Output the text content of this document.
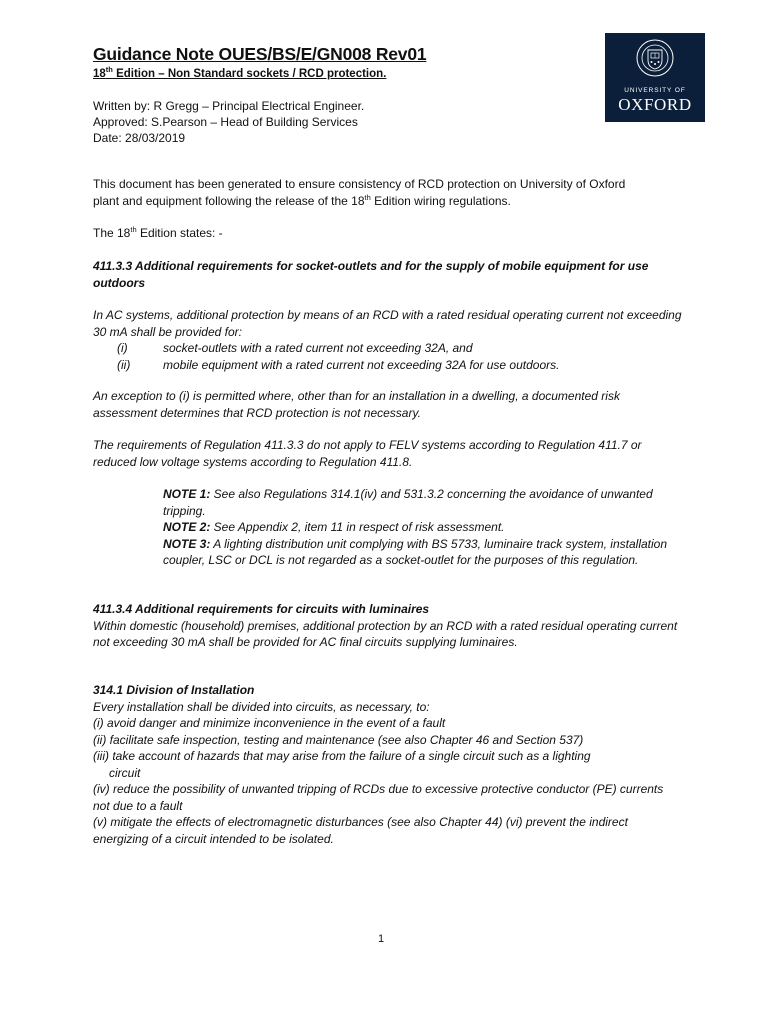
Guidance Note OUES/BS/E/GN008 Rev01
18th Edition – Non Standard sockets / RCD protection.
Written by: R Gregg – Principal Electrical Engineer.
Approved: S.Pearson – Head of Building Services
Date: 28/03/2019
UNIVERSITY OF
OXFORD
This document has been generated to ensure consistency of RCD protection on University of Oxford
plant and equipment following the release of the 18th Edition wiring regulations.
The 18th Edition states: -
411.3.3 Additional requirements for socket-outlets and for the supply of mobile equipment for use outdoors
In AC systems, additional protection by means of an RCD with a rated residual operating current not exceeding 30 mA shall be provided for:
(i)	socket-outlets with a rated current not exceeding 32A, and
(ii)	mobile equipment with a rated current not exceeding 32A for use outdoors.
An exception to (i) is permitted where, other than for an installation in a dwelling, a documented risk assessment determines that RCD protection is not necessary.
The requirements of Regulation 411.3.3 do not apply to FELV systems according to Regulation 411.7 or reduced low voltage systems according to Regulation 411.8.
NOTE 1: See also Regulations 314.1(iv) and 531.3.2 concerning the avoidance of unwanted tripping.
NOTE 2: See Appendix 2, item 11 in respect of risk assessment.
NOTE 3: A lighting distribution unit complying with BS 5733, luminaire track system, installation coupler, LSC or DCL is not regarded as a socket-outlet for the purposes of this regulation.
411.3.4 Additional requirements for circuits with luminaires
Within domestic (household) premises, additional protection by an RCD with a rated residual operating current not exceeding 30 mA shall be provided for AC final circuits supplying luminaires.
314.1 Division of Installation
Every installation shall be divided into circuits, as necessary, to:
(i) avoid danger and minimize inconvenience in the event of a fault
(ii) facilitate safe inspection, testing and maintenance (see also Chapter 46 and Section 537)
(iii) take account of hazards that may arise from the failure of a single circuit such as a lighting
circuit
(iv) reduce the possibility of unwanted tripping of RCDs due to excessive protective conductor (PE) currents not due to a fault
(v) mitigate the effects of electromagnetic disturbances (see also Chapter 44) (vi) prevent the indirect energizing of a circuit intended to be isolated.
1
